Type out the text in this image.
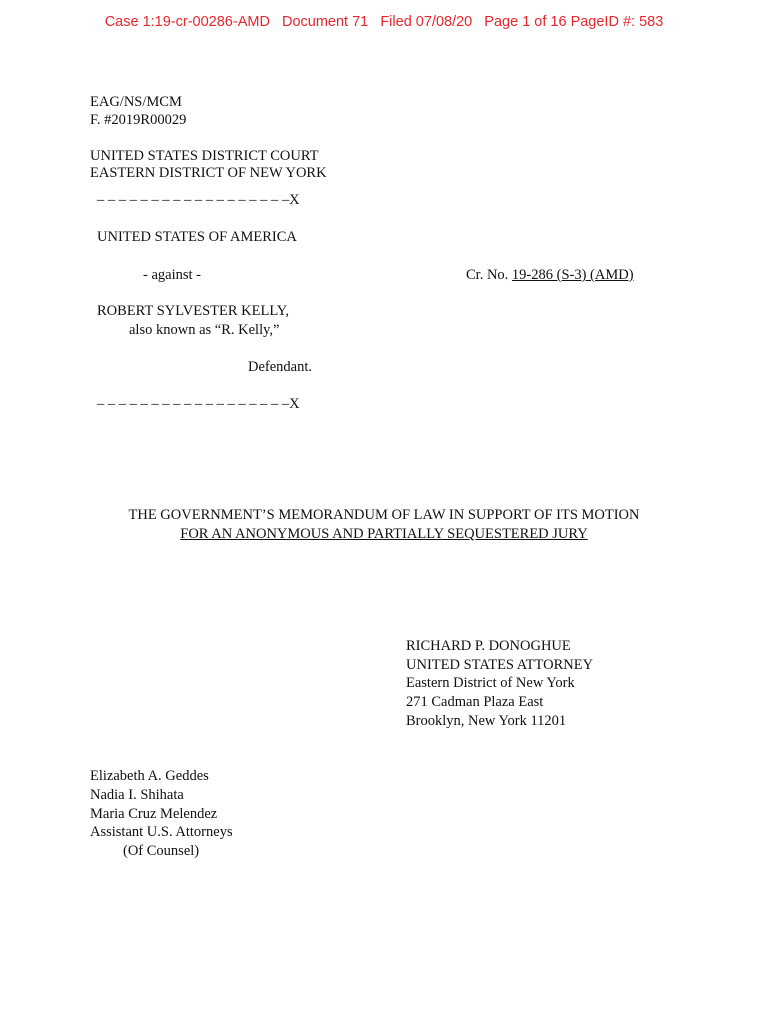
Case 1:19-cr-00286-AMD   Document 71   Filed 07/08/20   Page 1 of 16 PageID #: 583
EAG/NS/MCM
F. #2019R00029
UNITED STATES DISTRICT COURT
EASTERN DISTRICT OF NEW YORK
– – – – – – – – – – – – – – – – – –X
UNITED STATES OF AMERICA
- against -	Cr. No. 19-286 (S-3) (AMD)
ROBERT SYLVESTER KELLY,
also known as “R. Kelly,”
Defendant.
– – – – – – – – – – – – – – – – – –X
THE GOVERNMENT’S MEMORANDUM OF LAW IN SUPPORT OF ITS MOTION
FOR AN ANONYMOUS AND PARTIALLY SEQUESTERED JURY
RICHARD P. DONOGHUE
UNITED STATES ATTORNEY
Eastern District of New York
271 Cadman Plaza East
Brooklyn, New York 11201
Elizabeth A. Geddes
Nadia I. Shihata
Maria Cruz Melendez
Assistant U.S. Attorneys
(Of Counsel)
